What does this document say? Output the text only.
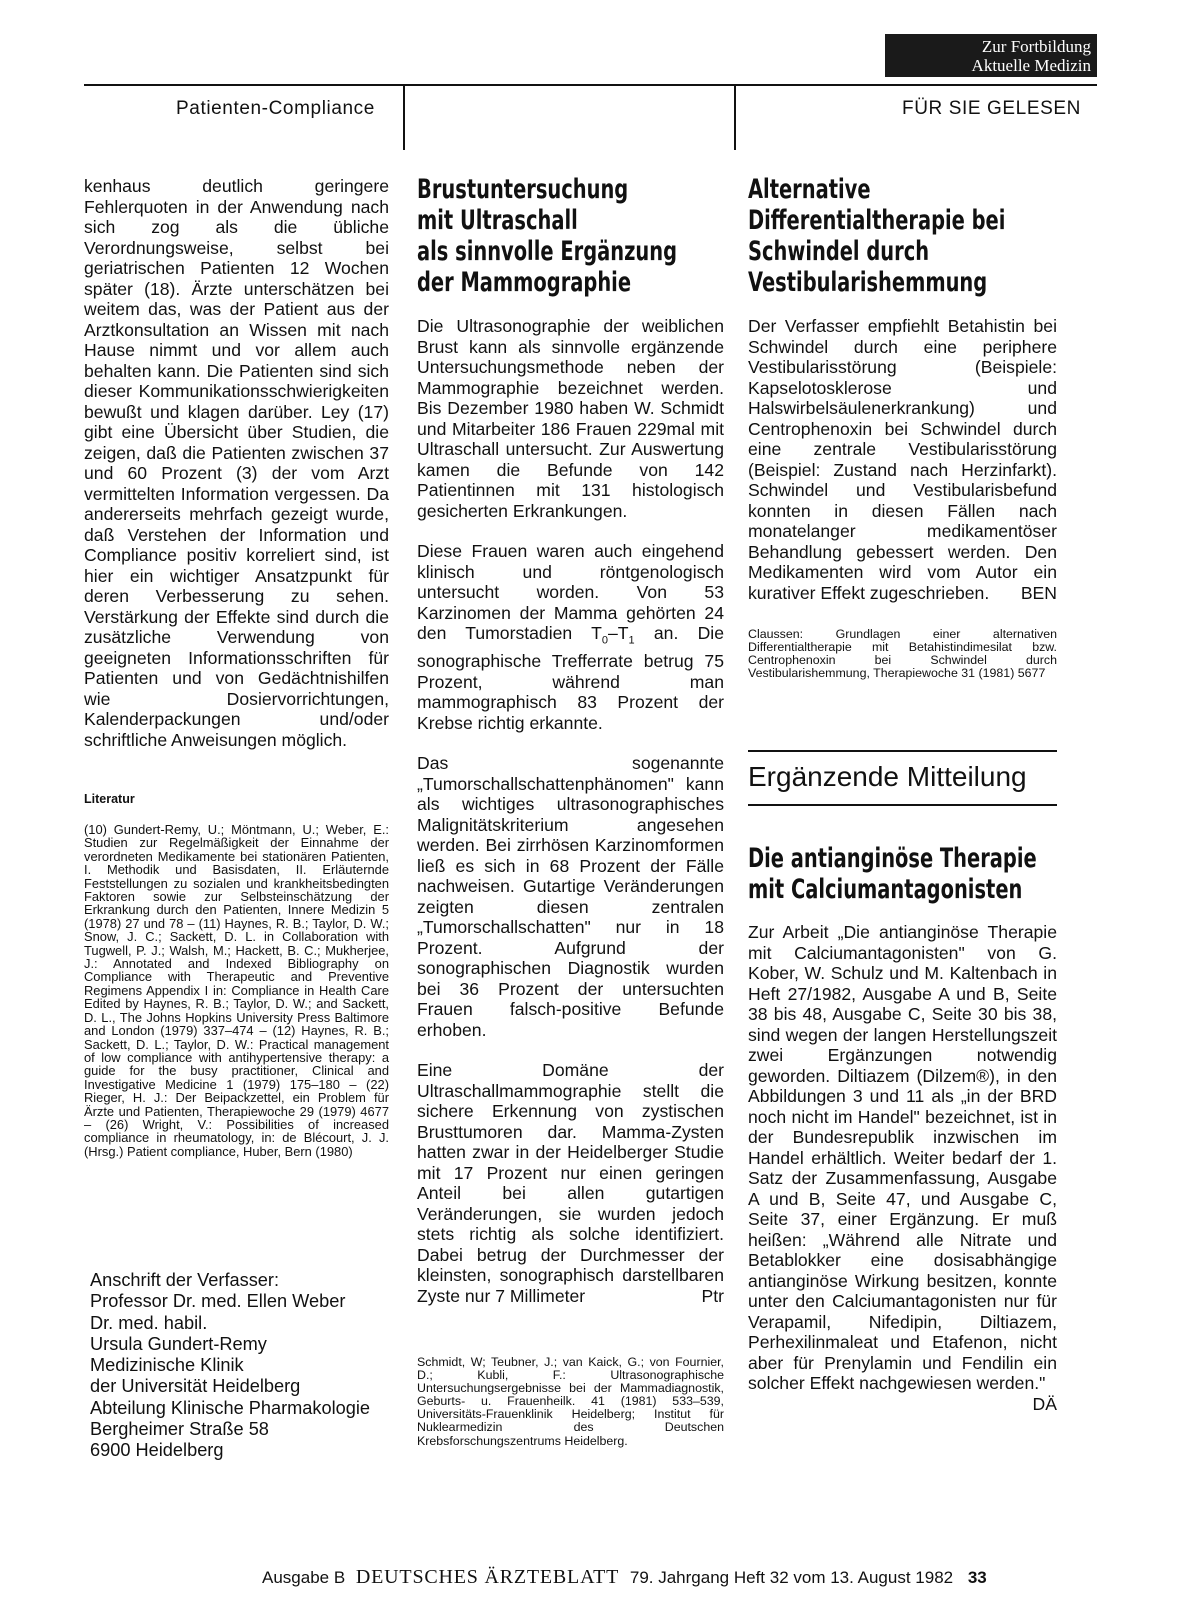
Zur Fortbildung
Aktuelle Medizin
Patienten-Compliance	FÜR SIE GELESEN

kenhaus deutlich geringere Fehlerquoten in der Anwendung nach sich zog als die übliche Verordnungsweise, selbst bei geriatrischen Patienten 12 Wochen später (18). Ärzte unterschätzen bei weitem das, was der Patient aus der Arztkonsultation an Wissen mit nach Hause nimmt und vor allem auch behalten kann. Die Patienten sind sich dieser Kommunikationsschwierigkeiten bewußt und klagen darüber. Ley (17) gibt eine Übersicht über Studien, die zeigen, daß die Patienten zwischen 37 und 60 Prozent (3) der vom Arzt vermittelten Information vergessen. Da andererseits mehrfach gezeigt wurde, daß Verstehen der Information und Compliance positiv korreliert sind, ist hier ein wichtiger Ansatzpunkt für deren Verbesserung zu sehen. Verstärkung der Effekte sind durch die zusätzliche Verwendung von geeigneten Informationsschriften für Patienten und von Gedächtnishilfen wie Dosiervorrichtungen, Kalenderpackungen und/oder schriftliche Anweisungen möglich.

Literatur
(10) Gundert-Remy, U.; Möntmann, U.; Weber, E.: Studien zur Regelmäßigkeit der Einnahme der verordneten Medikamente bei stationären Patienten, I. Methodik und Basisdaten, II. Erläuternde Feststellungen zu sozialen und krankheitsbedingten Faktoren sowie zur Selbsteinschätzung der Erkrankung durch den Patienten, Innere Medizin 5 (1978) 27 und 78 – (11) Haynes, R. B.; Taylor, D. W.; Snow, J. C.; Sackett, D. L. in Collaboration with Tugwell, P. J.; Walsh, M.; Hackett, B. C.; Mukherjee, J.: Annotated and Indexed Bibliography on Compliance with Therapeutic and Preventive Regimens Appendix I in: Compliance in Health Care Edited by Haynes, R. B.; Taylor, D. W.; and Sackett, D. L., The Johns Hopkins University Press Baltimore and London (1979) 337–474 – (12) Haynes, R. B.; Sackett, D. L.; Taylor, D. W.: Practical management of low compliance with antihypertensive therapy: a guide for the busy practitioner, Clinical and Investigative Medicine 1 (1979) 175–180 – (22) Rieger, H. J.: Der Beipackzettel, ein Problem für Ärzte und Patienten, Therapiewoche 29 (1979) 4677 – (26) Wright, V.: Possibilities of increased compliance in rheumatology, in: de Blécourt, J. J. (Hrsg.) Patient compliance, Huber, Bern (1980)
Anschrift der Verfasser:
Professor Dr. med. Ellen Weber
Dr. med. habil.
Ursula Gundert-Remy
Medizinische Klinik
der Universität Heidelberg
Abteilung Klinische Pharmakologie
Bergheimer Straße 58
6900 Heidelberg
Brustuntersuchung
mit Ultraschall
als sinnvolle Ergänzung
der Mammographie

Die Ultrasonographie der weiblichen Brust kann als sinnvolle ergänzende Untersuchungsmethode neben der Mammographie bezeichnet werden. Bis Dezember 1980 haben W. Schmidt und Mitarbeiter 186 Frauen 229mal mit Ultraschall untersucht. Zur Auswertung kamen die Befunde von 142 Patientinnen mit 131 histologisch gesicherten Erkrankungen.

Diese Frauen waren auch eingehend klinisch und röntgenologisch untersucht worden. Von 53 Karzinomen der Mamma gehörten 24 den Tumorstadien $T_0-T_1$ an. Die sonographische Trefferrate betrug 75 Prozent, während man mammographisch 83 Prozent der Krebse richtig erkannte.

Das sogenannte „Tumorschallschattenphänomen" kann als wichtiges ultrasonographisches Malignitätskriterium angesehen werden. Bei zirrhösen Karzinomformen ließ es sich in 68 Prozent der Fälle nachweisen. Gutartige Veränderungen zeigten diesen zentralen „Tumorschallschatten" nur in 18 Prozent. Aufgrund der sonographischen Diagnostik wurden bei 36 Prozent der untersuchten Frauen falsch-positive Befunde erhoben.

Eine Domäne der Ultraschallmammographie stellt die sichere Erkennung von zystischen Brusttumoren dar. Mamma-Zysten hatten zwar in der Heidelberger Studie mit 17 Prozent nur einen geringen Anteil bei allen gutartigen Veränderungen, sie wurden jedoch stets richtig als solche identifiziert. Dabei betrug der Durchmesser der kleinsten, sonographisch darstellbaren Zyste nur 7 Millimeter	Ptr

Schmidt, W; Teubner, J.; van Kaick, G.; von Fournier, D.; Kubli, F.: Ultrasonographische Untersuchungsergebnisse bei der Mammadiagnostik, Geburts- u. Frauenheilk. 41 (1981) 533–539, Universitäts-Frauenklinik Heidelberg; Institut für Nuklearmedizin des Deutschen Krebsforschungszentrums Heidelberg.
Alternative
Differentialtherapie bei
Schwindel durch
Vestibularishemmung

Der Verfasser empfiehlt Betahistin bei Schwindel durch eine periphere Vestibularisstörung (Beispiele: Kapselotosklerose und Halswirbelsäulenerkrankung) und Centrophenoxin bei Schwindel durch eine zentrale Vestibularisstörung (Beispiel: Zustand nach Herzinfarkt). Schwindel und Vestibularisbefund konnten in diesen Fällen nach monatelanger medikamentöser Behandlung gebessert werden. Den Medikamenten wird vom Autor ein kurativer Effekt zugeschrieben. BEN

Claussen: Grundlagen einer alternativen Differentialtherapie mit Betahistindimesilat bzw. Centrophenoxin bei Schwindel durch Vestibularishemmung, Therapiewoche 31 (1981) 5677
Ergänzende Mitteilung
Die antianginöse Therapie
mit Calciumantagonisten

Zur Arbeit „Die antianginöse Therapie mit Calciumantagonisten" von G. Kober, W. Schulz und M. Kaltenbach in Heft 27/1982, Ausgabe A und B, Seite 38 bis 48, Ausgabe C, Seite 30 bis 38, sind wegen der langen Herstellungszeit zwei Ergänzungen notwendig geworden. Diltiazem (Dilzem®), in den Abbildungen 3 und 11 als „in der BRD noch nicht im Handel" bezeichnet, ist in der Bundesrepublik inzwischen im Handel erhältlich. Weiter bedarf der 1. Satz der Zusammenfassung, Ausgabe A und B, Seite 47, und Ausgabe C, Seite 37, einer Ergänzung. Er muß heißen: „Während alle Nitrate und Betablokker eine dosisabhängige antianginöse Wirkung besitzen, konnte unter den Calciumantagonisten nur für Verapamil, Nifedipin, Diltiazem, Perhexilinmaleat und Etafenon, nicht aber für Prenylamin und Fendilin ein solcher Effekt nachgewiesen werden."
DÄ

Ausgabe B DEUTSCHES ÄRZTEBLATT 79. Jahrgang Heft 32 vom 13. August 1982 33
